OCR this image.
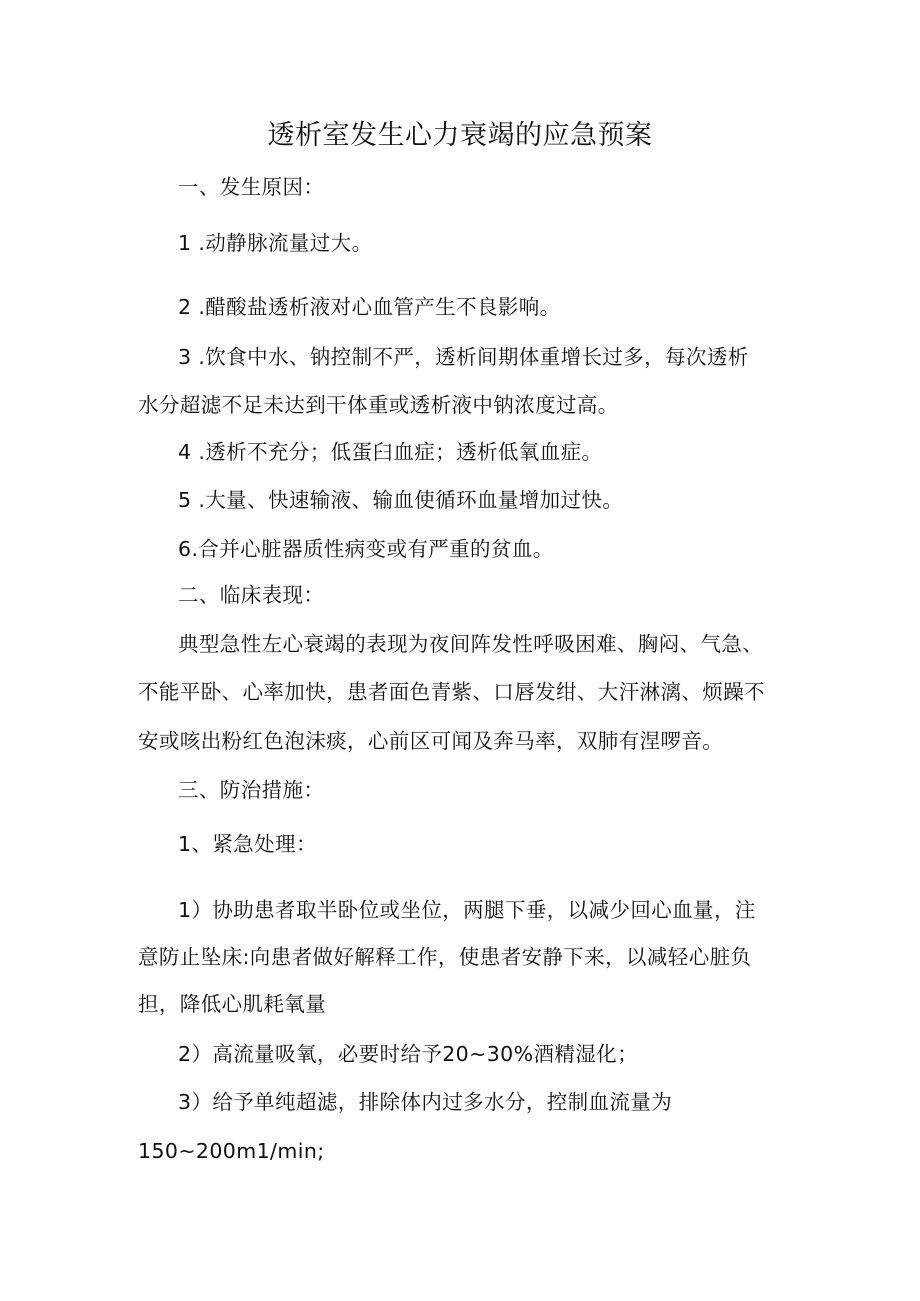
透析室发生心力衰竭的应急预案
一、发生原因：
1 .动静脉流量过大。
2 .醋酸盐透析液对心血管产生不良影响。
3 .饮食中水、钠控制不严，透析间期体重增长过多，每次透析
水分超滤不足未达到干体重或透析液中钠浓度过高。
4 .透析不充分；低蛋臼血症；透析低氧血症。
5 .大量、快速输液、输血使循环血量增加过快。
6.合并心脏器质性病变或有严重的贫血。
二、临床表现：
典型急性左心衰竭的表现为夜间阵发性呼吸困难、胸闷、气急、
不能平卧、心率加快，患者面色青紫、口唇发绀、大汗淋漓、烦躁不
安或咳出粉红色泡沫痰，心前区可闻及奔马率，双肺有涅啰音。
三、防治措施：
1、紧急处理：
1）协助患者取半卧位或坐位，两腿下垂，以减少回心血量，注
意防止坠床:向患者做好解释工作，使患者安静下来，以减轻心脏负
担，降低心肌耗氧量
2）高流量吸氧，必要时给予20~30%酒精湿化；
3）给予单纯超滤，排除体内过多水分，控制血流量为
150~200m1∕min;
